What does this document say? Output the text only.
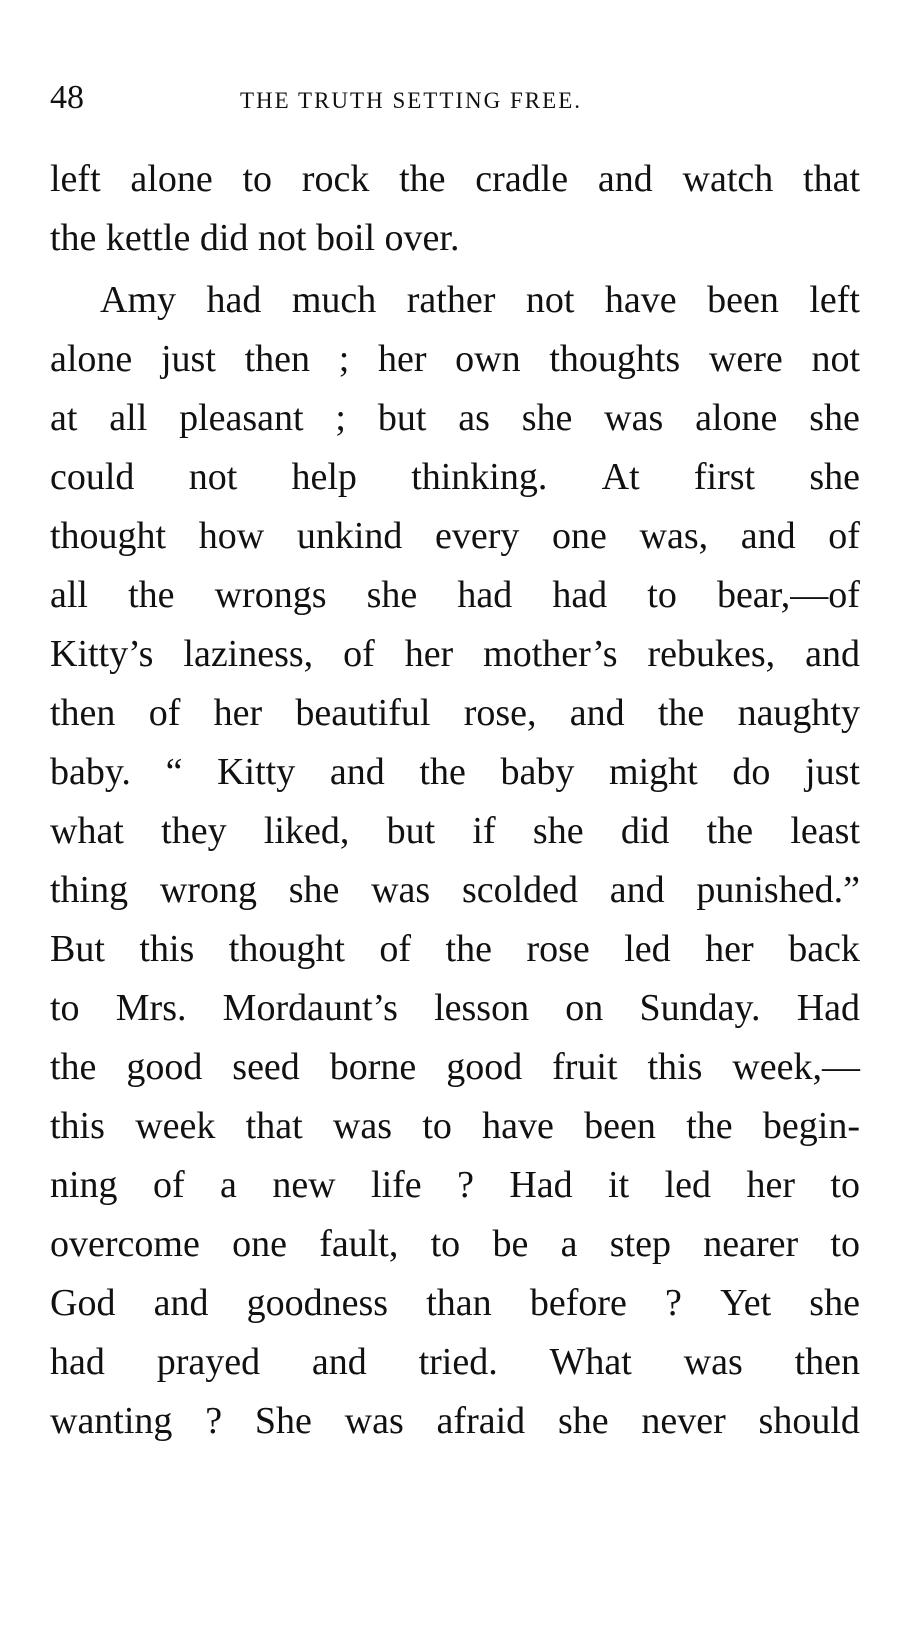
48	THE TRUTH SETTING FREE.
left alone to rock the cradle and watch that
the kettle did not boil over.
Amy had much rather not have been left
alone just then ; her own thoughts were not
at all pleasant ; but as she was alone she
could not help thinking. At first she
thought how unkind every one was, and of
all the wrongs she had had to bear,—of
Kitty’s laziness, of her mother’s rebukes, and
then of her beautiful rose, and the naughty
baby. “ Kitty and the baby might do just
what they liked, but if she did the least
thing wrong she was scolded and punished.”
But this thought of the rose led her back
to Mrs. Mordaunt’s lesson on Sunday. Had
the good seed borne good fruit this week,—
this week that was to have been the begin-
ning of a new life ? Had it led her to
overcome one fault, to be a step nearer to
God and goodness than before ? Yet she
had prayed and tried. What was then
wanting ? She was afraid she never should
